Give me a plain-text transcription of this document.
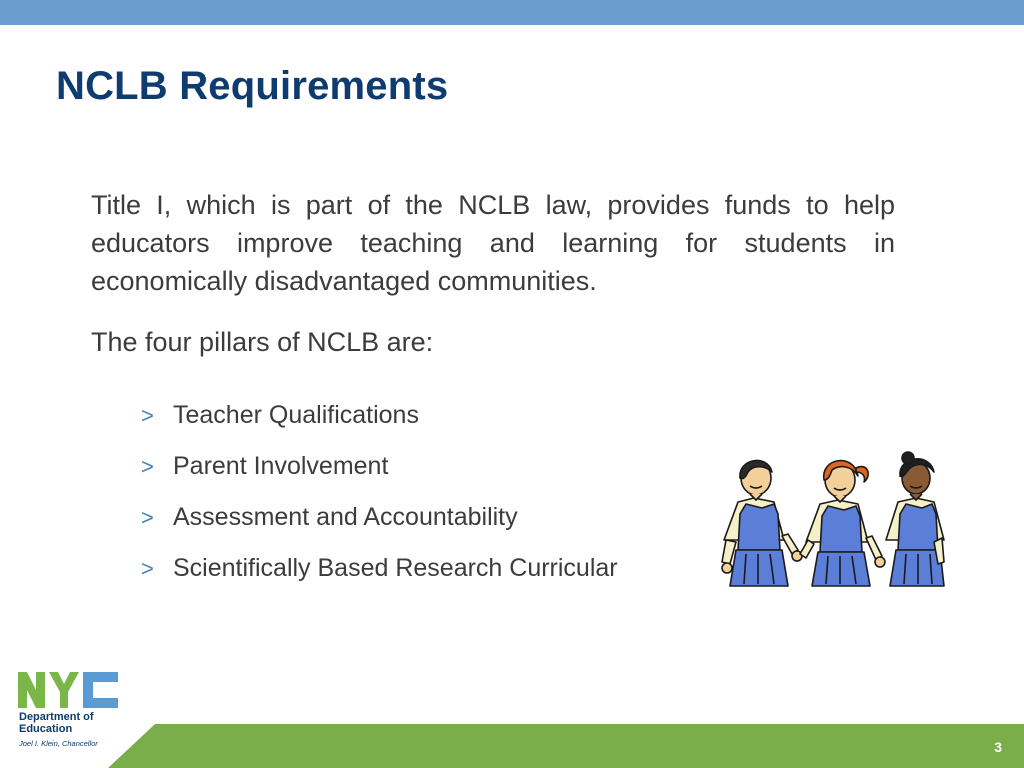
NCLB Requirements

Title I, which is part of the NCLB law, provides funds to help educators improve teaching and learning for students in economically disadvantaged communities.

The four pillars of NCLB are:

> Teacher Qualifications
> Parent Involvement
> Assessment and Accountability
> Scientifically Based Research Curricular
3
Department of
Education
Joel I. Klein, Chancellor
